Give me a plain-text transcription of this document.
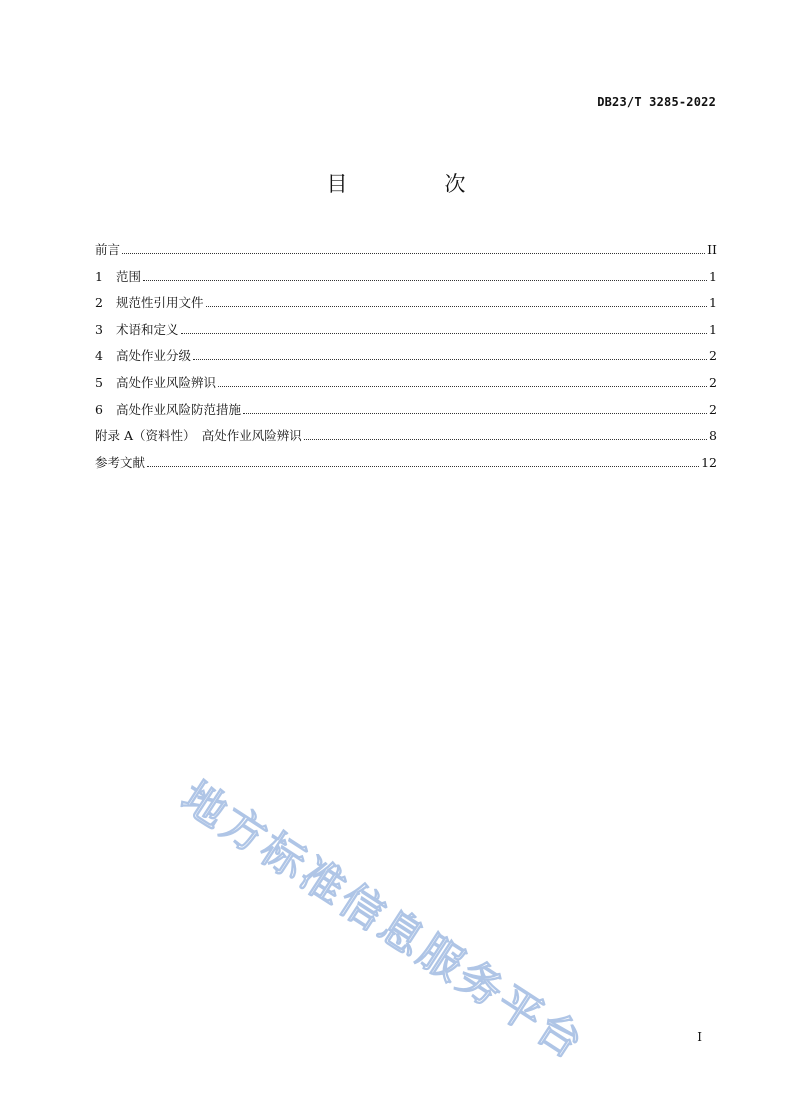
DB23/T 3285-2022
目　次
前言	II
1	范围	1
2	规范性引用文件	1
3	术语和定义	1
4	高处作业分级	2
5	高处作业风险辨识	2
6	高处作业风险防范措施	2
附录 A（资料性）　高处作业风险辨识	8
参考文献	12
地方标准信息服务平台	I
